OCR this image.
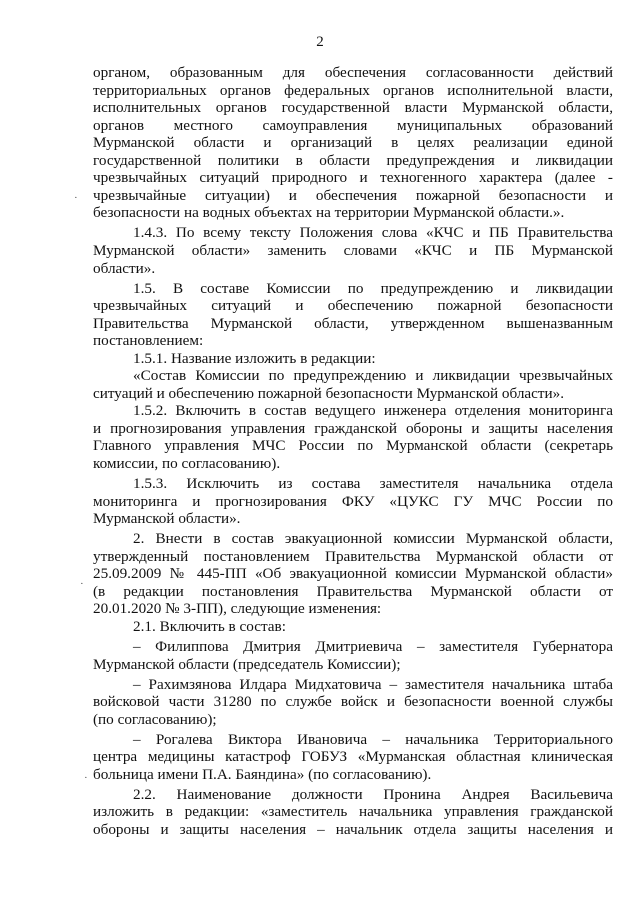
2
органом, образованным для обеспечения согласованности действий
территориальных органов федеральных органов исполнительной власти,
исполнительных органов государственной власти Мурманской области,
органов местного самоуправления муниципальных образований
Мурманской области и организаций в целях реализации единой
государственной политики в области предупреждения и ликвидации
чрезвычайных ситуаций природного и техногенного характера (далее -
чрезвычайные ситуации) и обеспечения пожарной безопасности и
безопасности на водных объектах на территории Мурманской области.».
1.4.3. По всему тексту Положения слова «КЧС и ПБ Правительства
Мурманской области» заменить словами «КЧС и ПБ Мурманской
области».
1.5. В составе Комиссии по предупреждению и ликвидации
чрезвычайных ситуаций и обеспечению пожарной безопасности
Правительства Мурманской области, утвержденном вышеназванным
постановлением:
1.5.1. Название изложить в редакции:
«Состав Комиссии по предупреждению и ликвидации чрезвычайных
ситуаций и обеспечению пожарной безопасности Мурманской области».
1.5.2. Включить в состав ведущего инженера отделения мониторинга
и прогнозирования управления гражданской обороны и защиты населения
Главного управления МЧС России по Мурманской области (секретарь
комиссии, по согласованию).
1.5.3. Исключить из состава заместителя начальника отдела
мониторинга и прогнозирования ФКУ «ЦУКС ГУ МЧС России по
Мурманской области».
2. Внести в состав эвакуационной комиссии Мурманской области,
утвержденный постановлением Правительства Мурманской области от
25.09.2009 № 445-ПП «Об эвакуационной комиссии Мурманской области»
(в редакции постановления Правительства Мурманской области от
20.01.2020 № 3-ПП), следующие изменения:
2.1. Включить в состав:
– Филиппова Дмитрия Дмитриевича – заместителя Губернатора
Мурманской области (председатель Комиссии);
– Рахимзянова Илдара Мидхатовича – заместителя начальника штаба
войсковой части 31280 по службе войск и безопасности военной службы
(по согласованию);
– Рогалева Виктора Ивановича – начальника Территориального
центра медицины катастроф ГОБУЗ «Мурманская областная клиническая
больница имени П.А. Баяндина» (по согласованию).
2.2. Наименование должности Пронина Андрея Васильевича
изложить в редакции: «заместитель начальника управления гражданской
обороны и защиты населения – начальник отдела защиты населения и
·
·
·
